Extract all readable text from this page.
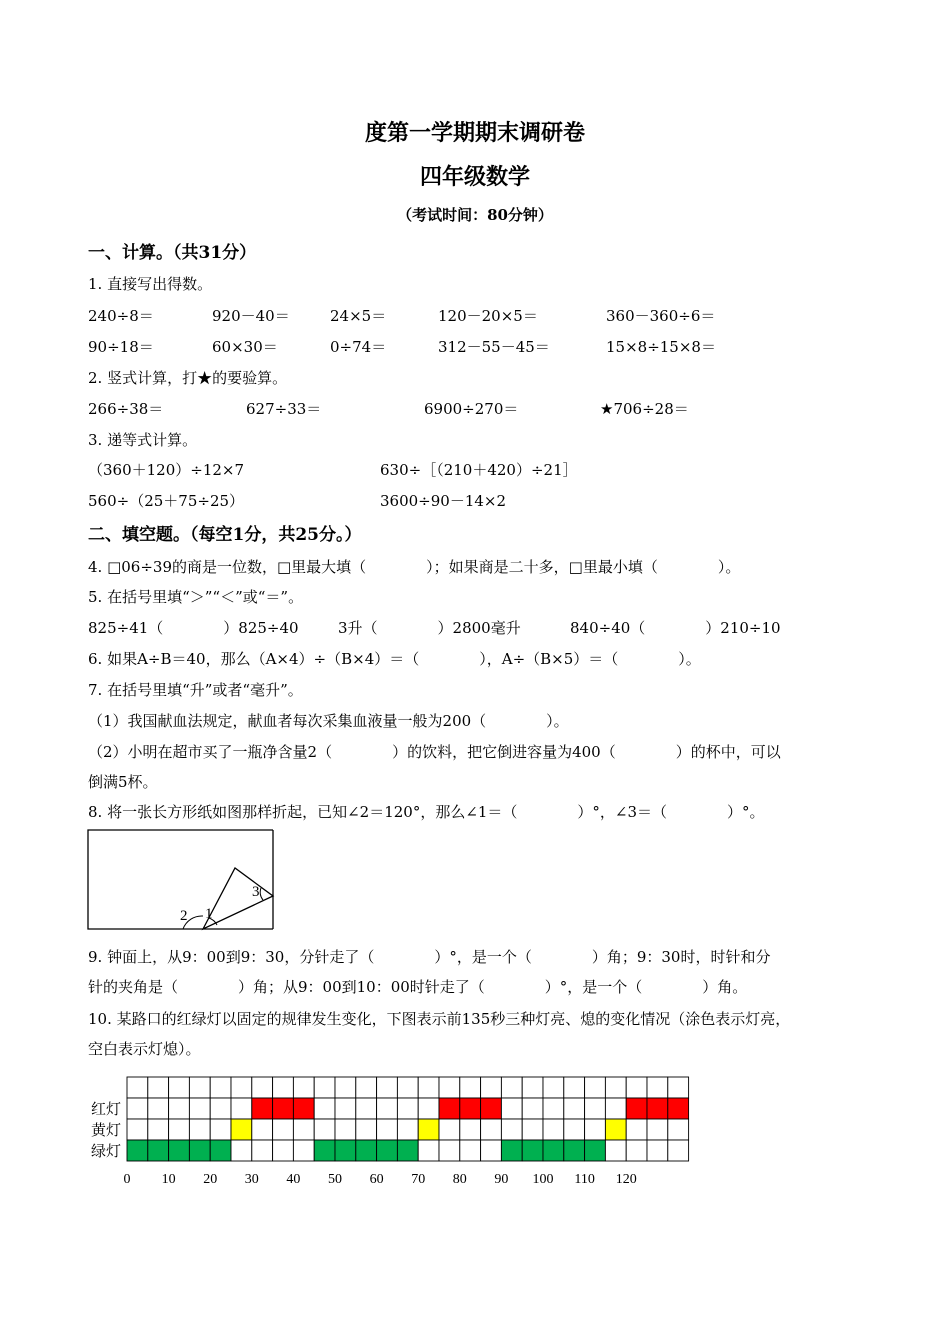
度第一学期期末调研卷
四年级数学
（考试时间：80分钟）
一、计算。（共31分）
1. 直接写出得数。
240÷8＝	920－40＝	24×5＝	120－20×5＝	360－360÷6＝
90÷18＝	60×30＝	0÷74＝	312－55－45＝	15×8÷15×8＝
2. 竖式计算，打★的要验算。
266÷38＝	627÷33＝	6900÷270＝	★706÷28＝
3. 递等式计算。
（360＋120）÷12×7	630÷［（210＋420）÷21］
560÷（25＋75÷25）	3600÷90－14×2
二、填空题。（每空1分，共25分。）
4. □06÷39的商是一位数，□里最大填（　　　　）；如果商是二十多，□里最小填（　　　　）。
5. 在括号里填“＞”“＜”或“＝”。
825÷41（　　　　）825÷40	3升（　　　　）2800毫升	840÷40（　　　　）210÷10
6. 如果A÷B＝40，那么（A×4）÷（B×4）＝（　　　　），A÷（B×5）＝（　　　　）。
7. 在括号里填“升”或者“毫升”。
（1）我国献血法规定，献血者每次采集血液量一般为200（　　　　）。
（2）小明在超市买了一瓶净含量2（　　　　）的饮料，把它倒进容量为400（　　　　）的杯中，可以
倒满5杯。
8. 将一张长方形纸如图那样折起，已知∠2＝120°，那么∠1＝（　　　　）°，∠3＝（　　　　）°。
2 1
3
9. 钟面上，从9：00到9：30，分针走了（　　　　）°，是一个（　　　　）角；9：30时，时针和分
针的夹角是（　　　　）角；从9：00到10：00时针走了（　　　　）°，是一个（　　　　）角。
10. 某路口的红绿灯以固定的规律发生变化，下图表示前135秒三种灯亮、熄的变化情况（涂色表示灯亮，
空白表示灯熄）。
红灯
黄灯
绿灯
0 10 20 30 40 50 60 70 80 90 100 110 120
